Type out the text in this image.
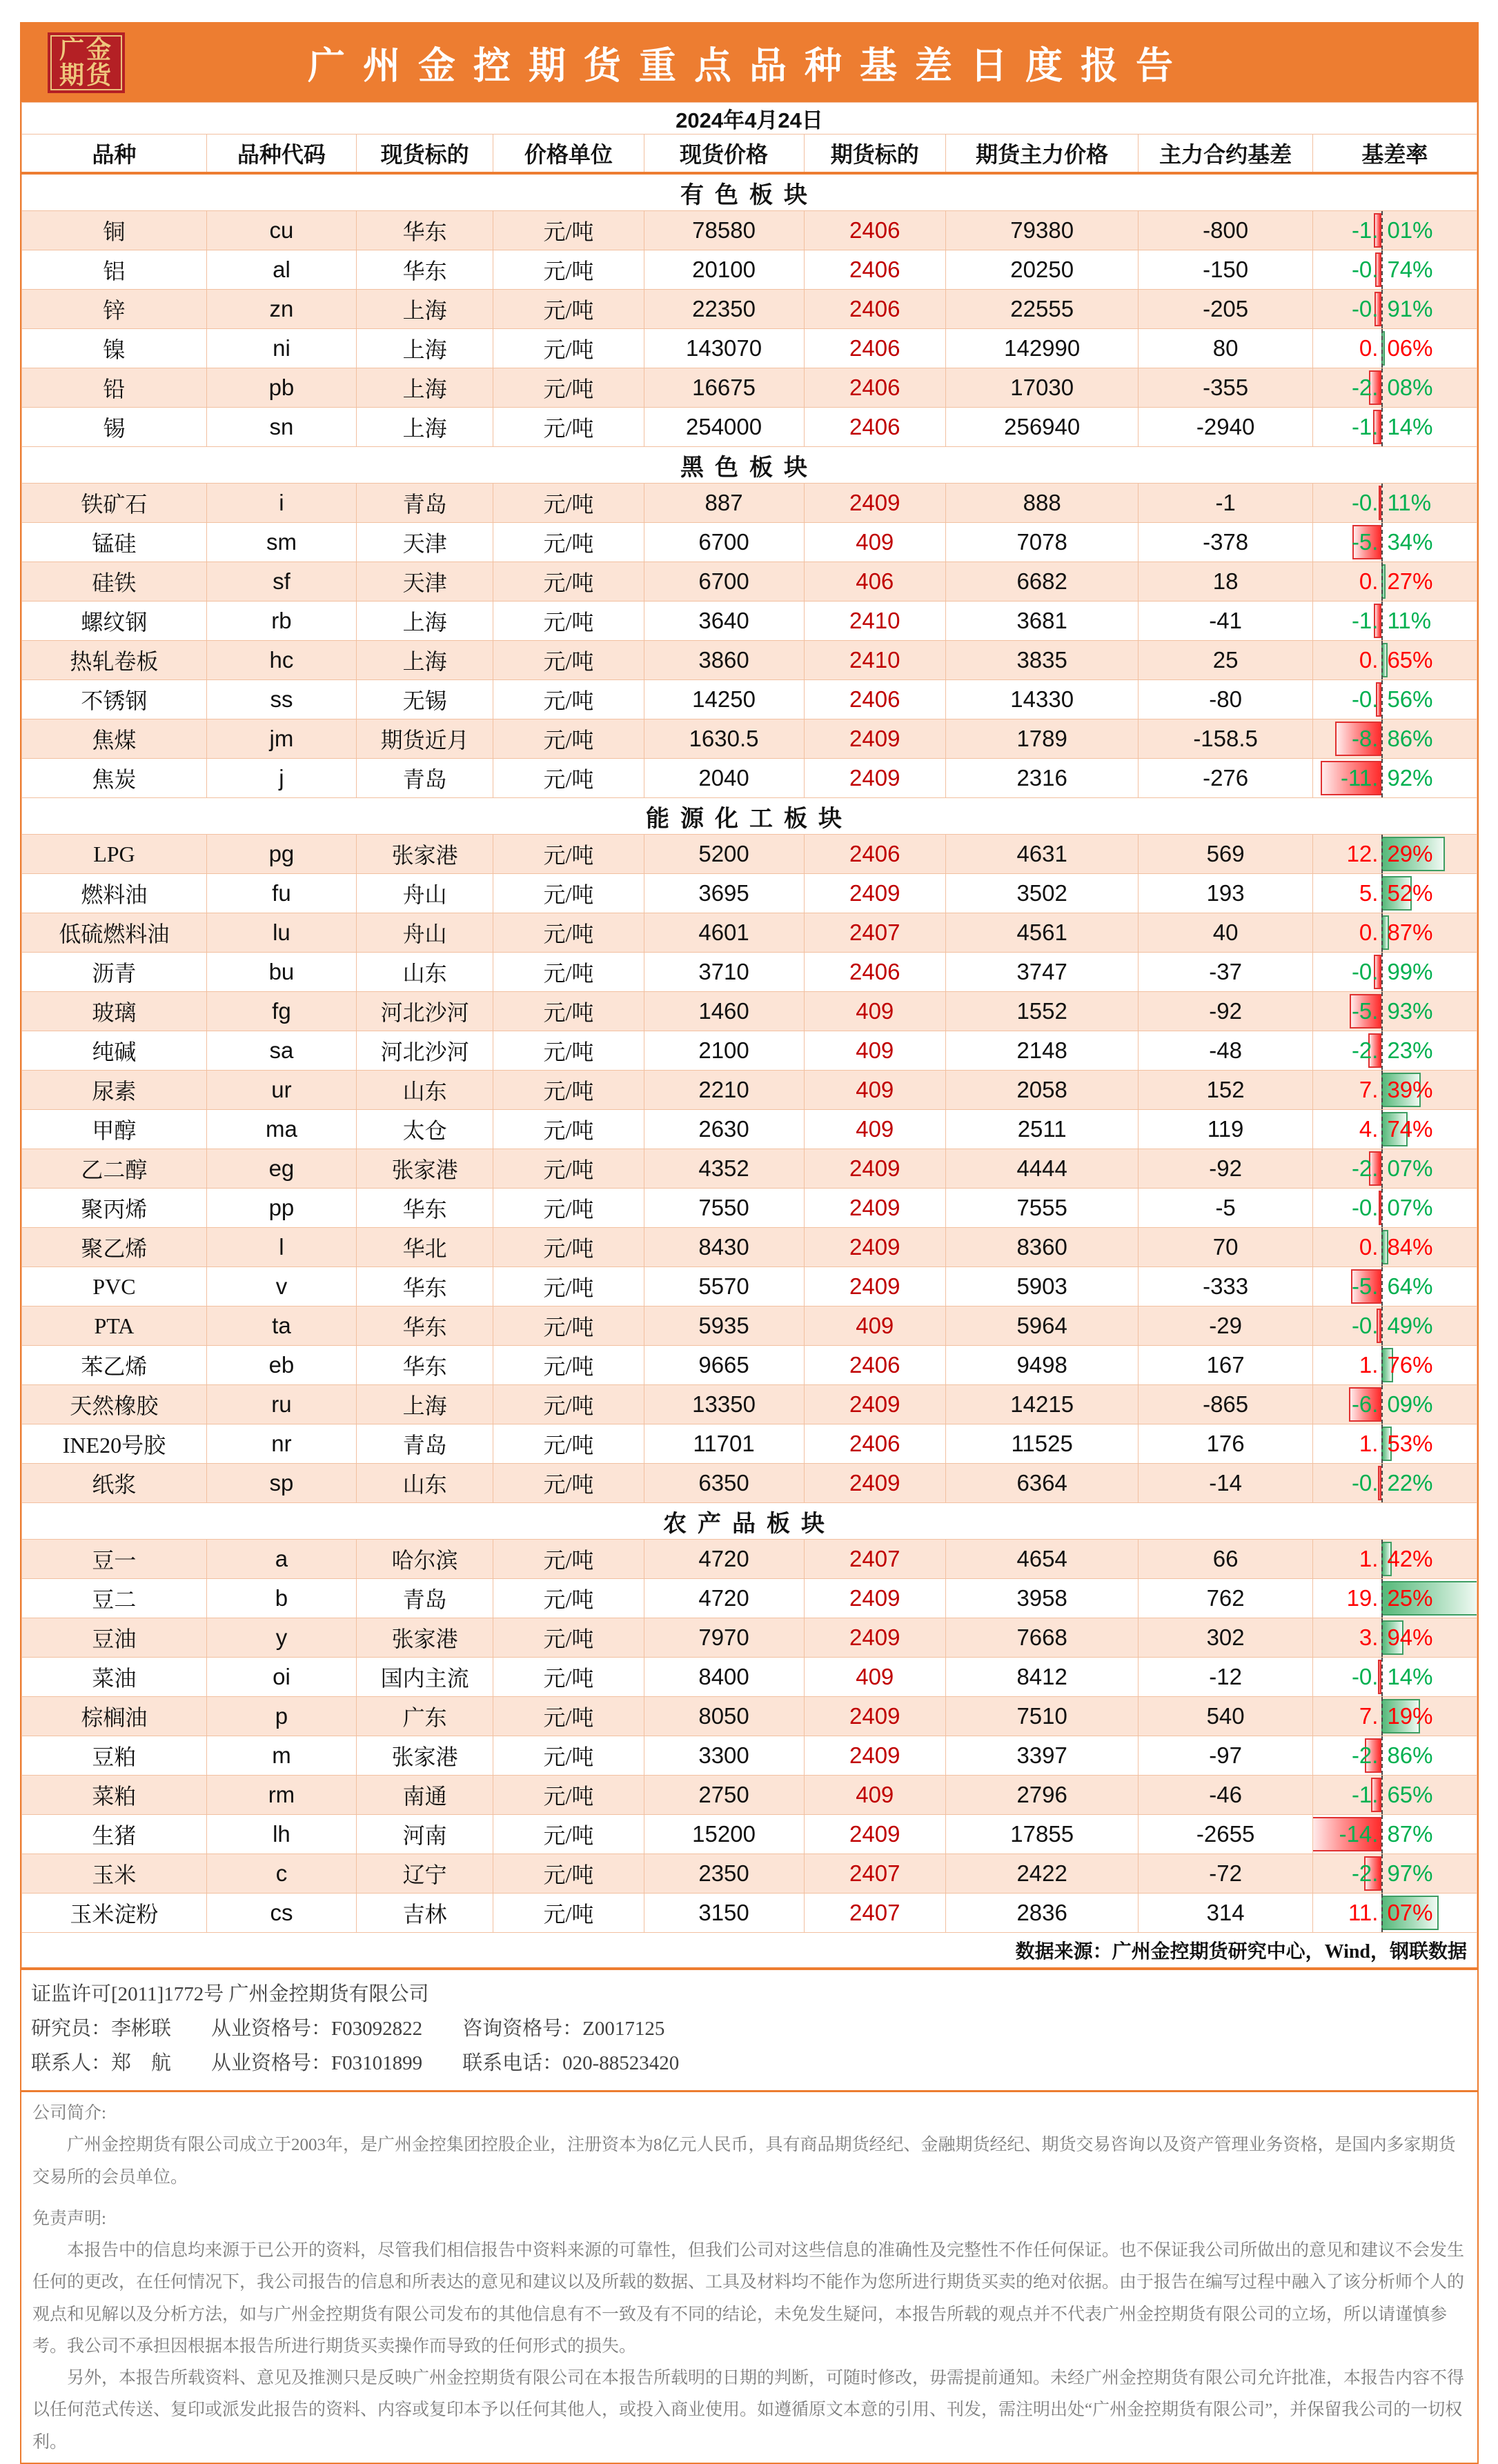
广金
期货	广州金控期货重点品种基差日度报告
2024年4月24日								
品种	品种代码	现货标的	价格单位	现货价格	期货标的	期货主力价格	主力合约基差	基差率
有色板块								
铜	cu	华东	元/吨	78580	2406	79380	-800	-1. 01%

铝	al	华东	元/吨	20100	2406	20250	-150	-0. 74%

锌	zn	上海	元/吨	22350	2406	22555	-205	-0. 91%

镍	ni	上海	元/吨	143070	2406	142990	80	0. 06%

铅	pb	上海	元/吨	16675	2406	17030	-355	-2. 08%

锡	sn	上海	元/吨	254000	2406	256940	-2940	-1. 14%

黑色板块								
铁矿石	i	青岛	元/吨	887	2409	888	-1	-0. 11%

锰硅	sm	天津	元/吨	6700	409	7078	-378	-5. 34%

硅铁	sf	天津	元/吨	6700	406	6682	18	0. 27%

螺纹钢	rb	上海	元/吨	3640	2410	3681	-41	-1. 11%

热轧卷板	hc	上海	元/吨	3860	2410	3835	25	0. 65%

不锈钢	ss	无锡	元/吨	14250	2406	14330	-80	-0. 56%

焦煤	jm	期货近月	元/吨	1630.5	2409	1789	-158.5	-8. 86%

焦炭	j	青岛	元/吨	2040	2409	2316	-276	-11. 92%

能源化工板块								
LPG	pg	张家港	元/吨	5200	2406	4631	569	12. 29%

燃料油	fu	舟山	元/吨	3695	2409	3502	193	5. 52%

低硫燃料油	lu	舟山	元/吨	4601	2407	4561	40	0. 87%

沥青	bu	山东	元/吨	3710	2406	3747	-37	-0. 99%

玻璃	fg	河北沙河	元/吨	1460	409	1552	-92	-5. 93%

纯碱	sa	河北沙河	元/吨	2100	409	2148	-48	-2. 23%

尿素	ur	山东	元/吨	2210	409	2058	152	7. 39%

甲醇	ma	太仓	元/吨	2630	409	2511	119	4. 74%

乙二醇	eg	张家港	元/吨	4352	2409	4444	-92	-2. 07%

聚丙烯	pp	华东	元/吨	7550	2409	7555	-5	-0. 07%

聚乙烯	l	华北	元/吨	8430	2409	8360	70	0. 84%

PVC	v	华东	元/吨	5570	2409	5903	-333	-5. 64%

PTA	ta	华东	元/吨	5935	409	5964	-29	-0. 49%

苯乙烯	eb	华东	元/吨	9665	2406	9498	167	1. 76%

天然橡胶	ru	上海	元/吨	13350	2409	14215	-865	-6. 09%

INE20号胶	nr	青岛	元/吨	11701	2406	11525	176	1. 53%

纸浆	sp	山东	元/吨	6350	2409	6364	-14	-0. 22%

农产品板块								
豆一	a	哈尔滨	元/吨	4720	2407	4654	66	1. 42%

豆二	b	青岛	元/吨	4720	2409	3958	762	19. 25%

豆油	y	张家港	元/吨	7970	2409	7668	302	3. 94%

菜油	oi	国内主流	元/吨	8400	409	8412	-12	-0. 14%

棕榈油	p	广东	元/吨	8050	2409	7510	540	7. 19%

豆粕	m	张家港	元/吨	3300	2409	3397	-97	-2. 86%

菜粕	rm	南通	元/吨	2750	409	2796	-46	-1. 65%

生猪	lh	河南	元/吨	15200	2409	17855	-2655	-14. 87%

玉米	c	辽宁	元/吨	2350	2407	2422	-72	-2. 97%

玉米淀粉	cs	吉林	元/吨	3150	2407	2836	314	11. 07%

数据来源：广州金控期货研究中心，Wind，钢联数据								
证监许可[2011]1772号 广州金控期货有限公司
研究员：李彬联　　从业资格号：F03092822　　咨询资格号：Z0017125
联系人：郑　航　　从业资格号：F03101899　　联系电话：020-88523420
公司简介:

广州金控期货有限公司成立于2003年，是广州金控集团控股企业，注册资本为8亿元人民币，具有商品期货经纪、金融期货经纪、期货交易咨询以及资产管理业务资格，是国内多家期货交易所的会员单位。

免责声明:

本报告中的信息均来源于已公开的资料，尽管我们相信报告中资料来源的可靠性，但我们公司对这些信息的准确性及完整性不作任何保证。也不保证我公司所做出的意见和建议不会发生任何的更改，在任何情况下，我公司报告的信息和所表达的意见和建议以及所载的数据、工具及材料均不能作为您所进行期货买卖的绝对依据。由于报告在编写过程中融入了该分析师个人的观点和见解以及分析方法，如与广州金控期货有限公司发布的其他信息有不一致及有不同的结论，未免发生疑问，本报告所载的观点并不代表广州金控期货有限公司的立场，所以请谨慎参考。我公司不承担因根据本报告所进行期货买卖操作而导致的任何形式的损失。

另外，本报告所载资料、意见及推测只是反映广州金控期货有限公司在本报告所载明的日期的判断，可随时修改，毋需提前通知。未经广州金控期货有限公司允许批准，本报告内容不得以任何范式传送、复印或派发此报告的资料、内容或复印本予以任何其他人，或投入商业使用。如遵循原文本意的引用、刊发，需注明出处“广州金控期货有限公司”，并保留我公司的一切权利。
